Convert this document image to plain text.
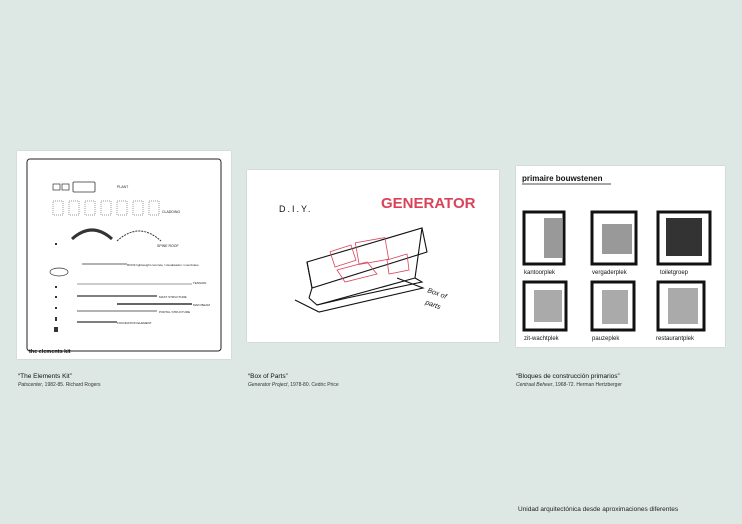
PLANT
CLADDING
SPINE ROOF
ROOF lightweight concrete / visualisation / membrane
TENSION
MAST STRUCTURE
MAIN BEAM
PORTAL STRUCTURE
FOUNDATION ELEMENT
the elements kit
D.I.Y.	GENERATOR
Box of
parts
primaire bouwstenen
kantoorplek	vergaderplek	toiletgroep
zit-wachtplek	pauzeplek	restaurantplek
“The Elements Kit”
Patscenter, 1982-85. Richard Rogers
“Box of Parts”
Generator Project, 1978-80. Cedric Price
“Bloques de construcción primarios”
Centraal Beheer, 1968-72. Herman Hertzberger
Unidad arquitectónica desde aproximaciones diferentes
